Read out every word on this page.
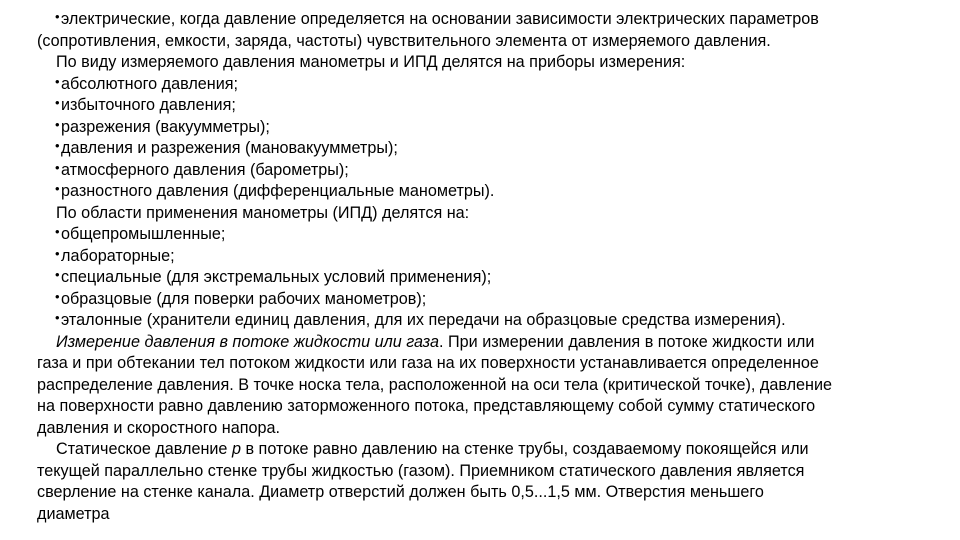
• электрические, когда давление определяется на основании зависимости электрических параметров
(сопротивления, емкости, заряда, частоты) чувствительного элемента от измеряемого давления.
По виду измеряемого давления манометры и ИПД делятся на приборы измерения:
• абсолютного давления;
• избыточного давления;
• разрежения (вакуумметры);
• давления и разрежения (мановакуумметры);
• атмосферного давления (барометры);
• разностного давления (дифференциальные манометры).
По области применения манометры (ИПД) делятся на:
• общепромышленные;
• лабораторные;
• специальные (для экстремальных условий применения);
• образцовые (для поверки рабочих манометров);
• эталонные (хранители единиц давления, для их передачи на образцовые средства измерения).
Измерение давления в потоке жидкости или газа. При измерении давления в потоке жидкости или
газа и при обтекании тел потоком жидкости или газа на их поверхности устанавливается определенное
распределение давления. В точке носка тела, расположенной на оси тела (критической точке), давление
на поверхности равно давлению заторможенного потока, представляющему собой сумму статического
давления и скоростного напора.
Статическое давление p в потоке равно давлению на стенке трубы, создаваемому покоящейся или
текущей параллельно стенке трубы жидкостью (газом). Приемником статического давления является
сверление на стенке канала. Диаметр отверстий должен быть 0,5...1,5 мм. Отверстия меньшего
диаметра
